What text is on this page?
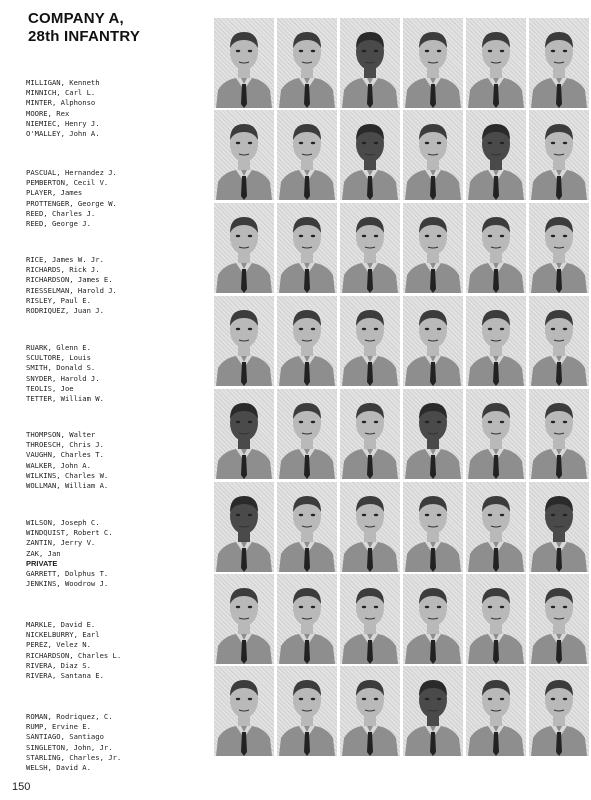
COMPANY A,
28th INFANTRY
MILLIGAN, Kenneth
MINNICH, Carl L.
MINTER, Alphonso
MOORE, Rex
NIEMIEC, Henry J.
O'MALLEY, John A.
PASCUAL, Hernandez J.
PEMBERTON, Cecil V.
PLAYER, James
PROTTENGER, George W.
REED, Charles J.
REED, George J.
RICE, James W. Jr.
RICHARDS, Rick J.
RICHARDSON, James E.
RIESSELMAN, Harold J.
RISLEY, Paul E.
RODRIQUEZ, Juan J.
RUARK, Glenn E.
SCULTORE, Louis
SMITH, Donald S.
SNYDER, Harold J.
TEOLIS, Joe
TETTER, William W.
THOMPSON, Walter
THROESCH, Chris J.
VAUGHN, Charles T.
WALKER, John A.
WILKINS, Charles W.
WOLLMAN, William A.
WILSON, Joseph C.
WINDQUIST, Robert C.
ZANTIN, Jerry V.
ZAK, Jan
PRIVATE
GARRETT, Dolphus T.
JENKINS, Woodrow J.
MARKLE, David E.
NICKELBURRY, Earl
PEREZ, Velez N.
RICHARDSON, Charles L.
RIVERA, Diaz S.
RIVERA, Santana E.
ROMAN, Rodriquez, C.
RUMP, Ervine E.
SANTIAGO, Santiago
SINGLETON, John, Jr.
STARLING, Charles, Jr.
WELSH, David A.
150
